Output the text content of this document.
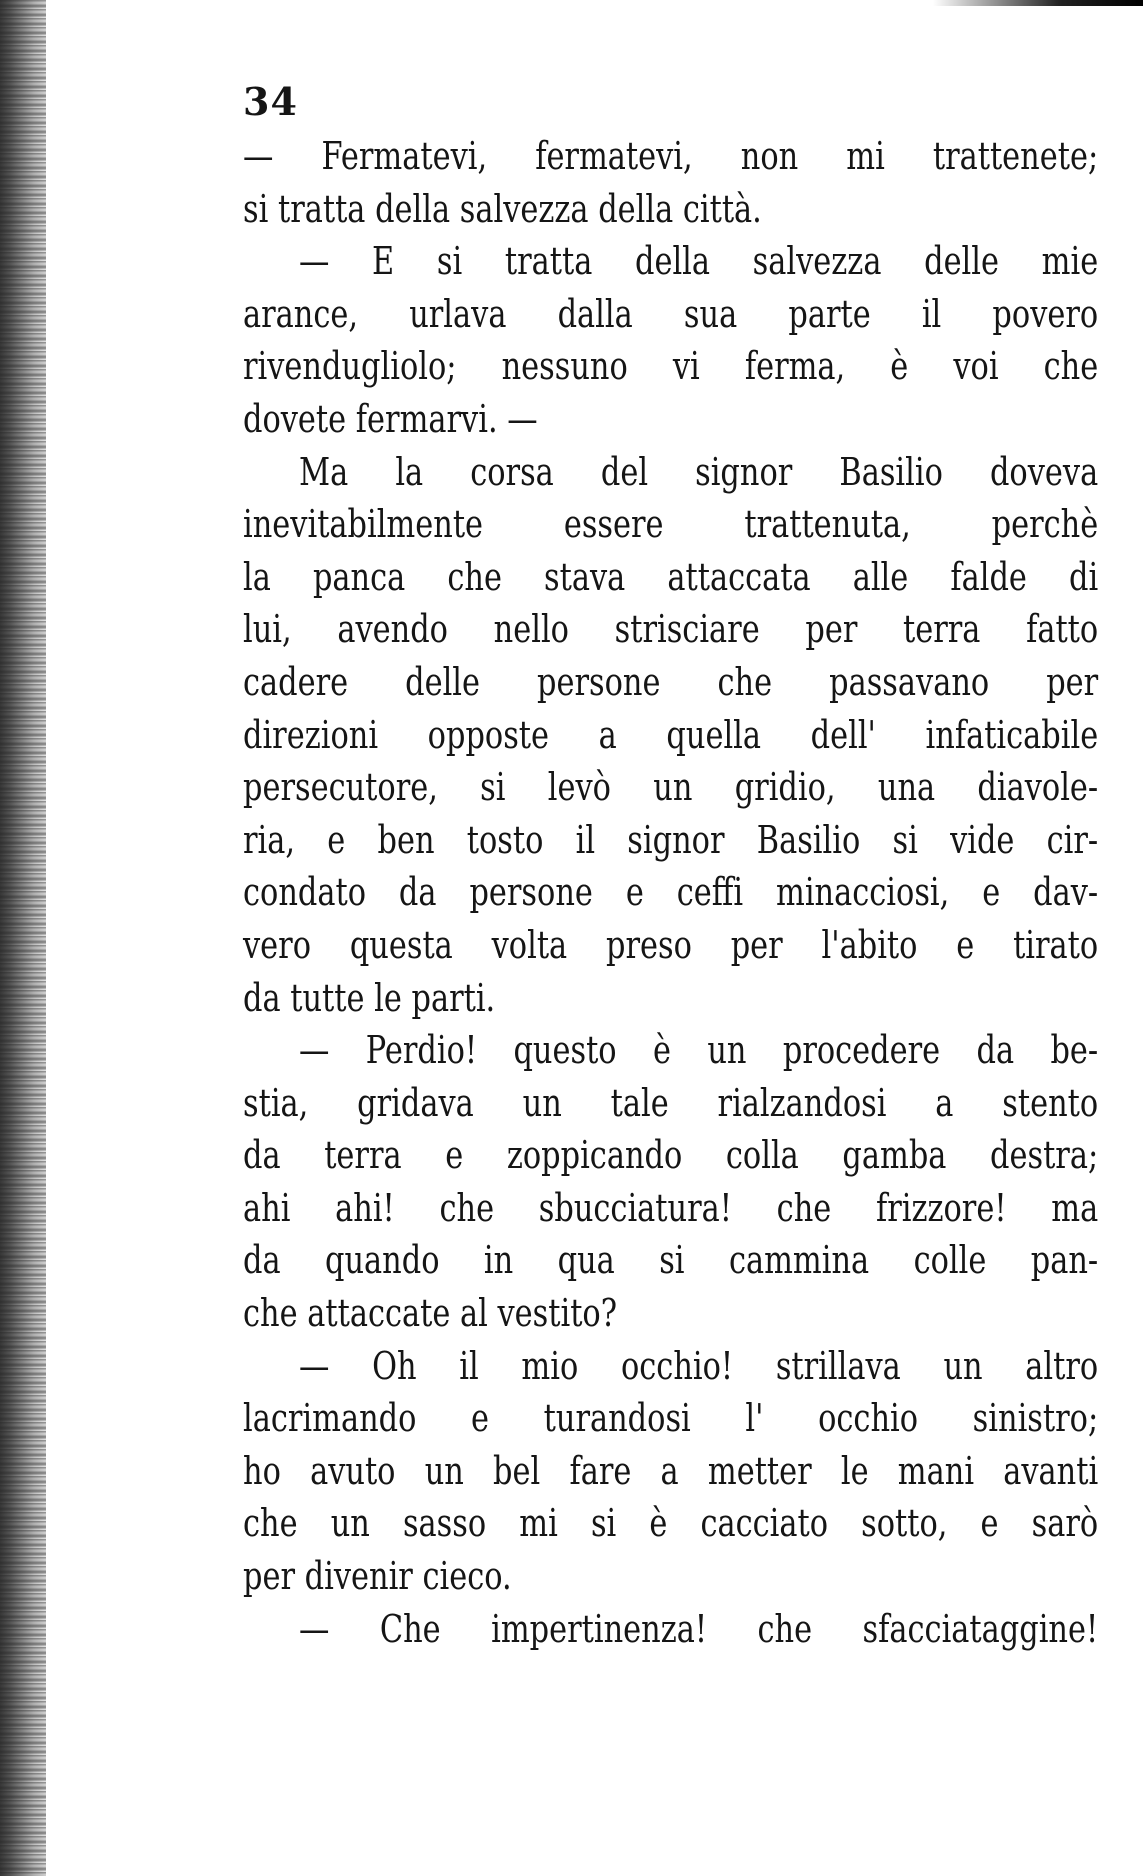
34
— Fermatevi, fermatevi, non mi trattenete;
si tratta della salvezza della città.
— E si tratta della salvezza delle mie
arance, urlava dalla sua parte il povero
rivendugliolo; nessuno vi ferma, è voi che
dovete fermarvi. —
Ma la corsa del signor Basilio doveva
inevitabilmente essere trattenuta, perchè
la panca che stava attaccata alle falde di
lui, avendo nello strisciare per terra fatto
cadere delle persone che passavano per
direzioni opposte a quella dell' infaticabile
persecutore, si levò un gridio, una diavole-
ria, e ben tosto il signor Basilio si vide cir-
condato da persone e ceffi minacciosi, e dav-
vero questa volta preso per l'abito e tirato
da tutte le parti.
— Perdio! questo è un procedere da be-
stia, gridava un tale rialzandosi a stento
da terra e zoppicando colla gamba destra;
ahi ahi! che sbucciatura! che frizzore! ma
da quando in qua si cammina colle pan-
che attaccate al vestito?
— Oh il mio occhio! strillava un altro
lacrimando e turandosi l' occhio sinistro;
ho avuto un bel fare a metter le mani avanti
che un sasso mi si è cacciato sotto, e sarò
per divenir cieco.
— Che impertinenza! che sfacciataggine!
